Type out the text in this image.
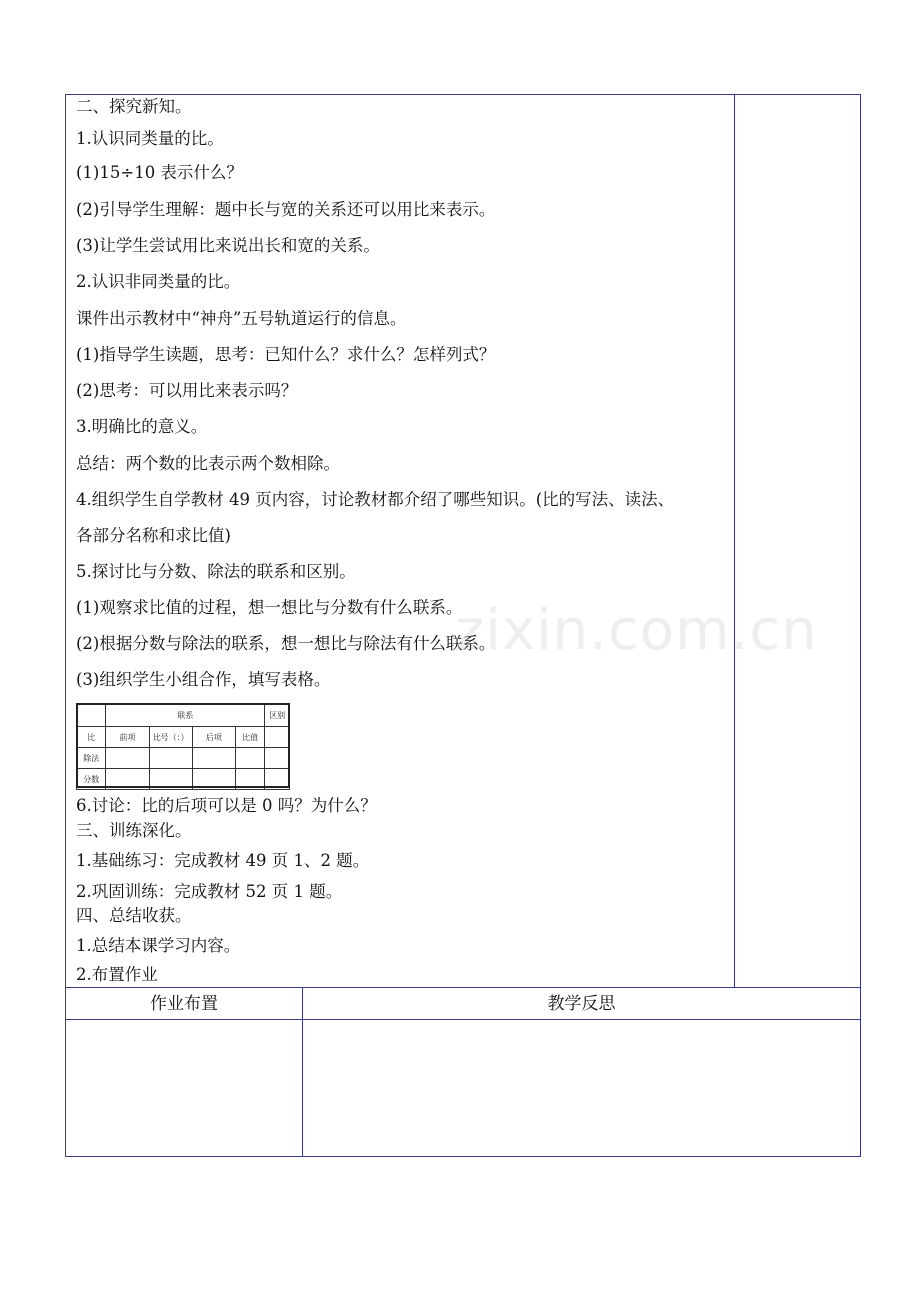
二、探究新知。
1.认识同类量的比。
(1)15÷10 表示什么？
(2)引导学生理解：题中长与宽的关系还可以用比来表示。
(3)让学生尝试用比来说出长和宽的关系。
2.认识非同类量的比。
课件出示教材中“神舟”五号轨道运行的信息。
(1)指导学生读题，思考：已知什么？求什么？怎样列式？
(2)思考：可以用比来表示吗？
3.明确比的意义。
总结：两个数的比表示两个数相除。
4.组织学生自学教材 49 页内容，讨论教材都介绍了哪些知识。(比的写法、读法、
各部分名称和求比值)
5.探讨比与分数、除法的联系和区别。
(1)观察求比值的过程，想一想比与分数有什么联系。
(2)根据分数与除法的联系，想一想比与除法有什么联系。
(3)组织学生小组合作，填写表格。
	联系				区别
比	前项	比号（：）	后项	比值	
除法					
分数					
6.讨论：比的后项可以是 0 吗？为什么？
三、训练深化。
1.基础练习：完成教材 49 页 1、2 题。
2.巩固训练：完成教材 52 页 1 题。
四、总结收获。
1.总结本课学习内容。
2.布置作业
作业布置	教学反思
zixin.com.cn
